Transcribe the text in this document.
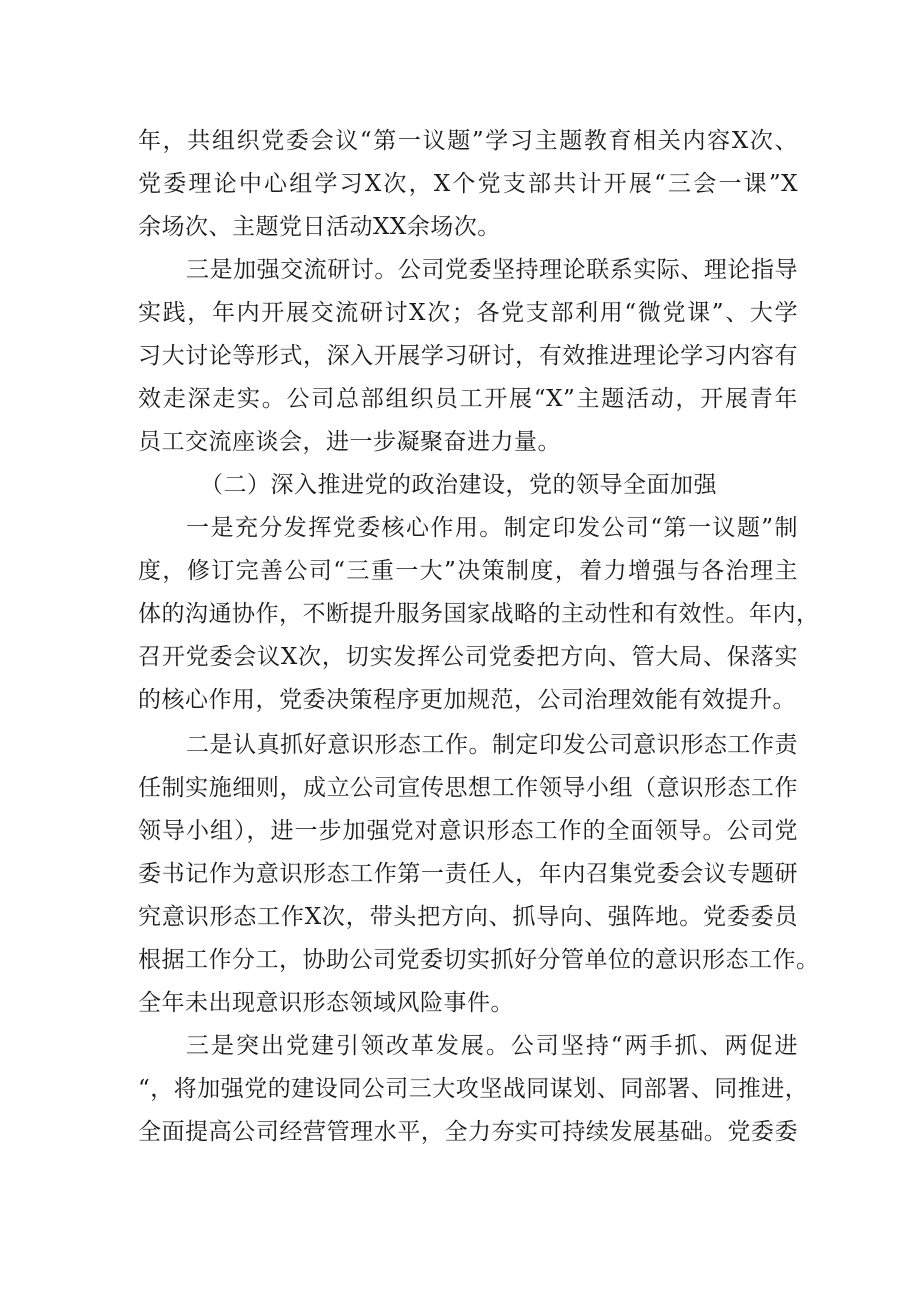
年，共组织党委会议“第一议题”学习主题教育相关内容X次、
党委理论中心组学习X次，X个党支部共计开展“三会一课”X
余场次、主题党日活动XX余场次。
三是加强交流研讨。公司党委坚持理论联系实际、理论指导
实践，年内开展交流研讨X次；各党支部利用“微党课”、大学
习大讨论等形式，深入开展学习研讨，有效推进理论学习内容有
效走深走实。公司总部组织员工开展“X”主题活动，开展青年
员工交流座谈会，进一步凝聚奋进力量。
（二）深入推进党的政治建设，党的领导全面加强
一是充分发挥党委核心作用。制定印发公司“第一议题”制
度，修订完善公司“三重一大”决策制度，着力增强与各治理主
体的沟通协作，不断提升服务国家战略的主动性和有效性。年内，
召开党委会议X次，切实发挥公司党委把方向、管大局、保落实
的核心作用，党委决策程序更加规范，公司治理效能有效提升。
二是认真抓好意识形态工作。制定印发公司意识形态工作责
任制实施细则，成立公司宣传思想工作领导小组（意识形态工作
领导小组），进一步加强党对意识形态工作的全面领导。公司党
委书记作为意识形态工作第一责任人，年内召集党委会议专题研
究意识形态工作X次，带头把方向、抓导向、强阵地。党委委员
根据工作分工，协助公司党委切实抓好分管单位的意识形态工作。
全年未出现意识形态领域风险事件。
三是突出党建引领改革发展。公司坚持“两手抓、两促进
“，将加强党的建设同公司三大攻坚战同谋划、同部署、同推进，
全面提高公司经营管理水平，全力夯实可持续发展基础。党委委
